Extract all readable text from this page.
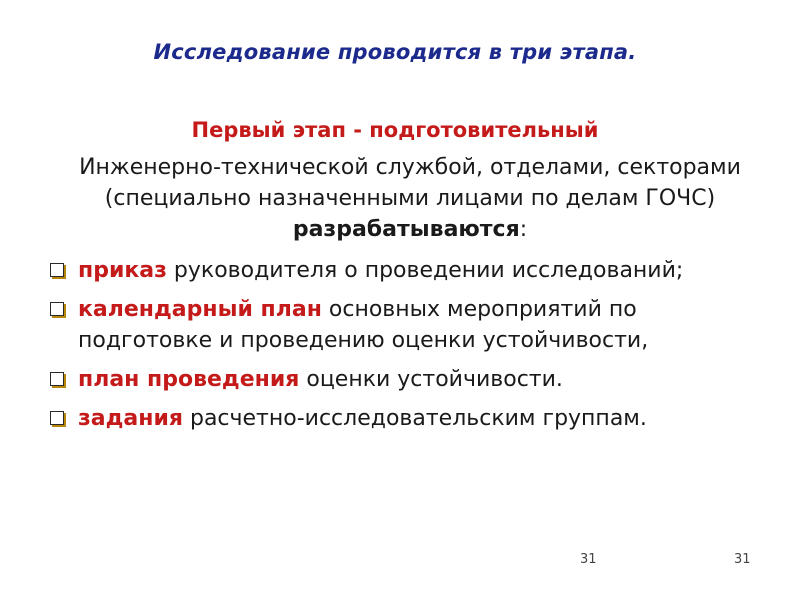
Исследование проводится в три этапа.
Первый этап - подготовительный
Инженерно-технической службой, отделами, секторами (специально назначенными лицами по делам ГОЧС) разрабатываются:
приказ руководителя о проведении исследований;
календарный план основных мероприятий по подготовке и проведению оценки устойчивости,
план проведения оценки устойчивости.
задания расчетно-исследовательским группам.
31	31
